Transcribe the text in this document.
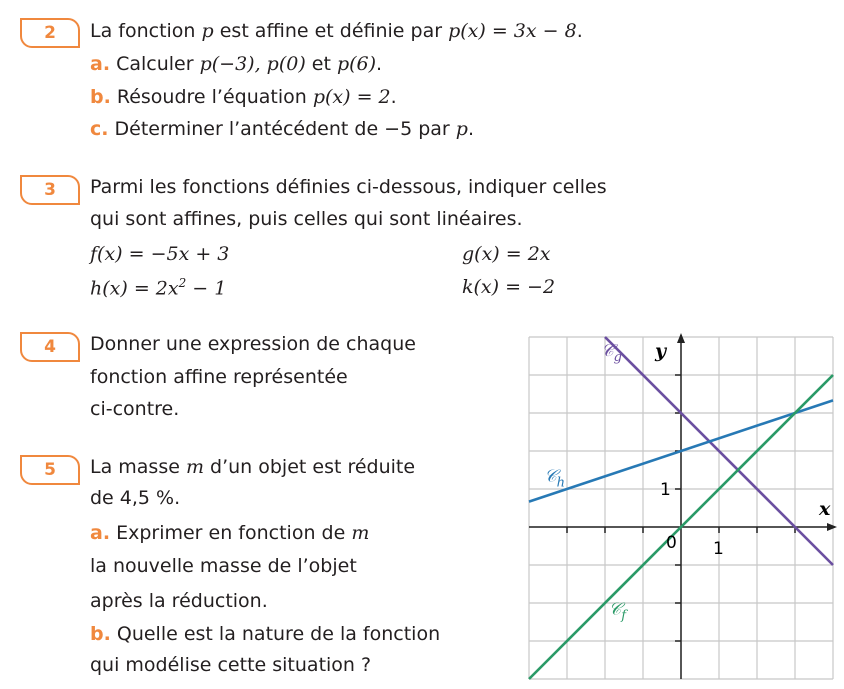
2	La fonction p est affine et définie par p(x) = 3x − 8.
a. Calculer p(−3), p(0) et p(6).
b. Résoudre l’équation p(x) = 2.
c. Déterminer l’antécédent de −5 par p.
3	Parmi les fonctions définies ci-dessous, indiquer celles
qui sont affines, puis celles qui sont linéaires.
f(x) = −5x + 3	g(x) = 2x
$h(x) = 2x^2 - 1$	k(x) = −2
4	Donner une expression de chaque
fonction affine représentée
ci-contre.
5	La masse m d’un objet est réduite
de 4,5 %.
a. Exprimer en fonction de m
la nouvelle masse de l’objet
après la réduction.
b. Quelle est la nature de la fonction
qui modélise cette situation ?
1
1
0
x
y
𝒞$_g$
𝒞$_h$
𝒞$_f$
